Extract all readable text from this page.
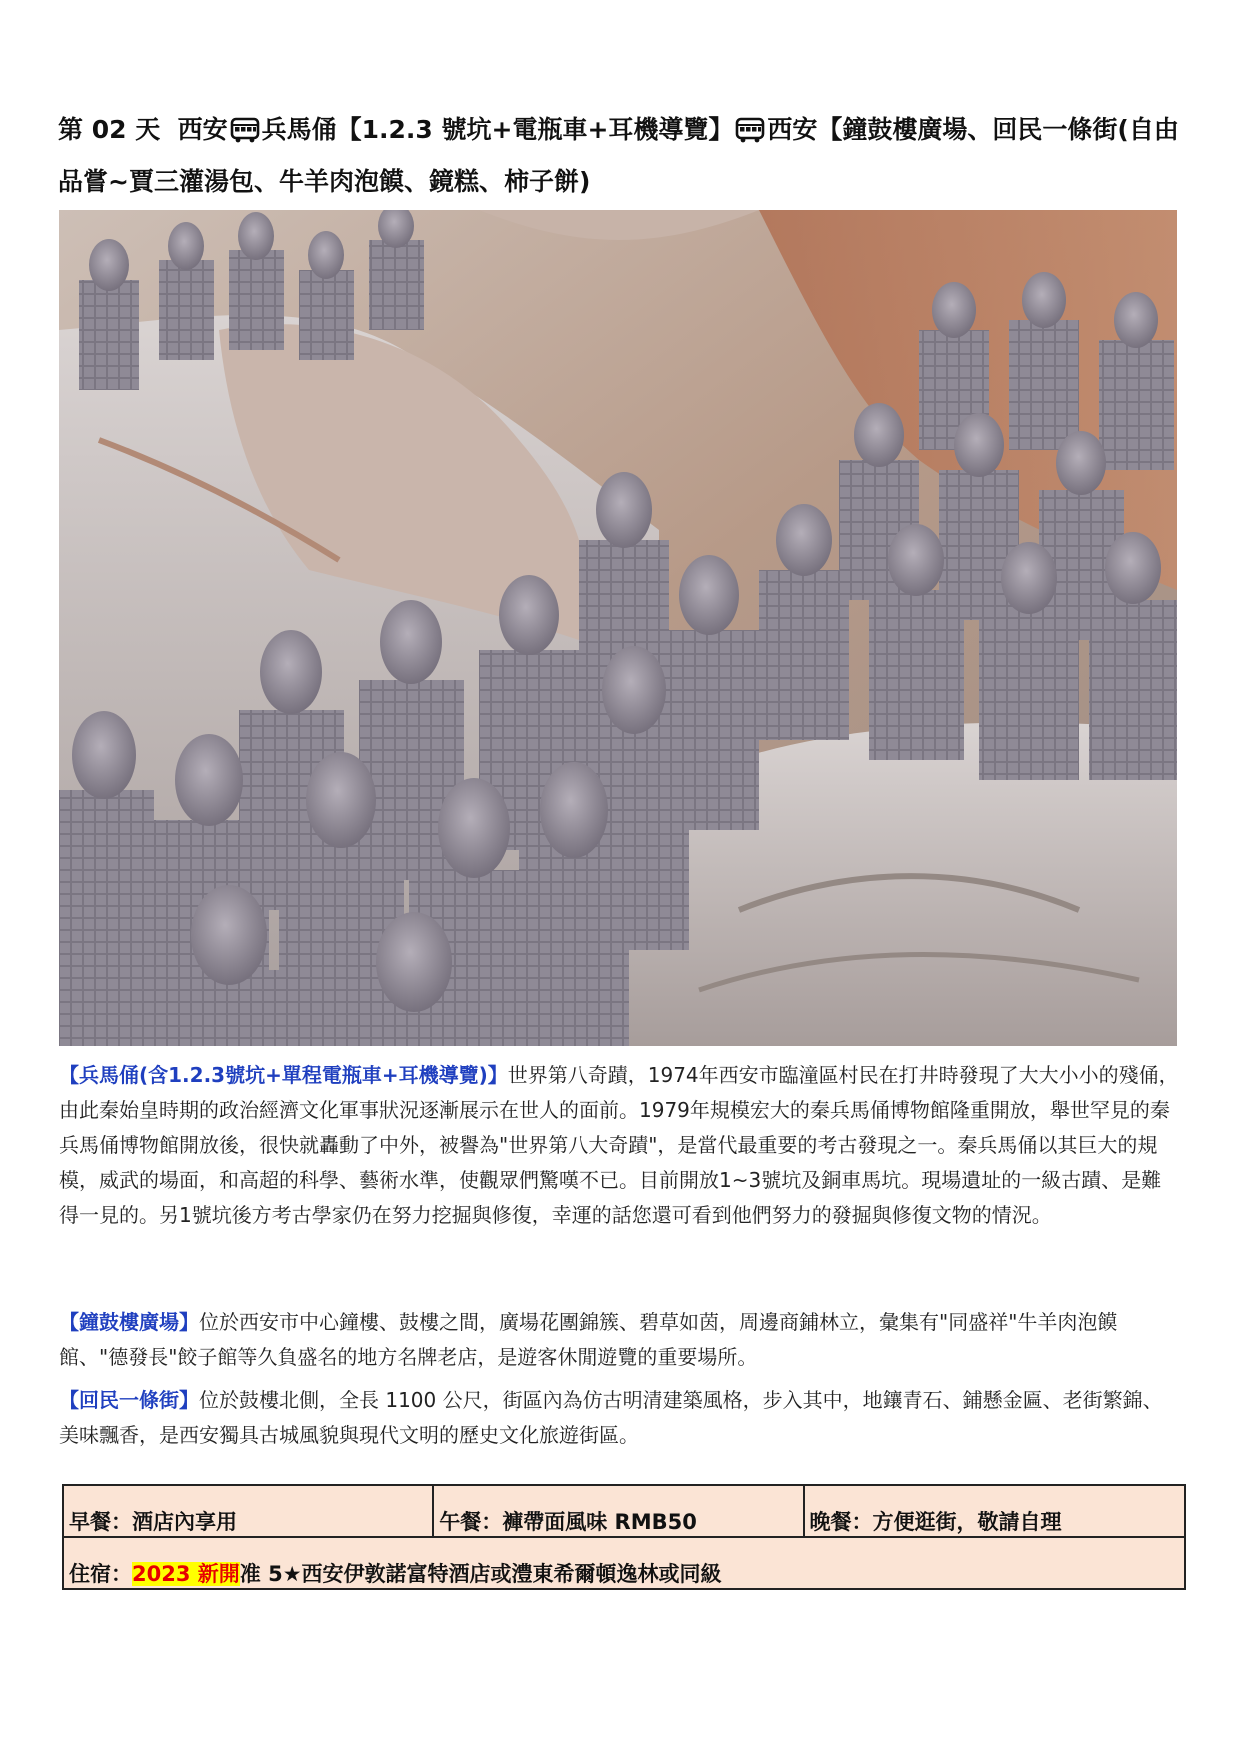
第 02 天 西安 兵馬俑【1.2.3 號坑+電瓶車+耳機導覽】 西安【鐘鼓樓廣場、回民一條街(自由品嘗~賈三灌湯包、牛羊肉泡饃、鏡糕、柿子餅)
【兵馬俑(含1.2.3號坑+單程電瓶車+耳機導覽)】世界第八奇蹟，1974年西安市臨潼區村民在打井時發現了大大小小的殘俑，由此秦始皇時期的政治經濟文化軍事狀況逐漸展示在世人的面前。1979年規模宏大的秦兵馬俑博物館隆重開放，舉世罕見的秦兵馬俑博物館開放後，很快就轟動了中外，被譽為"世界第八大奇蹟"，是當代最重要的考古發現之一。秦兵馬俑以其巨大的規模，威武的場面，和高超的科學、藝術水準，使觀眾們驚嘆不已。目前開放1~3號坑及銅車馬坑。現場遺址的一級古蹟、是難得一見的。另1號坑後方考古學家仍在努力挖掘與修復，幸運的話您還可看到他們努力的發掘與修復文物的情況。
【鐘鼓樓廣場】位於西安市中心鐘樓、鼓樓之間，廣場花團錦簇、碧草如茵，周邊商鋪林立，彙集有"同盛祥"牛羊肉泡饃館、"德發長"餃子館等久負盛名的地方名牌老店，是遊客休閒遊覽的重要場所。
【回民一條街】位於鼓樓北側，全長 1100 公尺，街區內為仿古明清建築風格，步入其中，地鑲青石、鋪懸金匾、老街繁錦、美味飄香，是西安獨具古城風貌與現代文明的歷史文化旅遊街區。
早餐：酒店內享用	午餐：褲帶面風味 RMB50	晚餐：方便逛街，敬請自理
住宿：2023 新開准 5★西安伊敦諾富特酒店或澧東希爾頓逸林或同級
